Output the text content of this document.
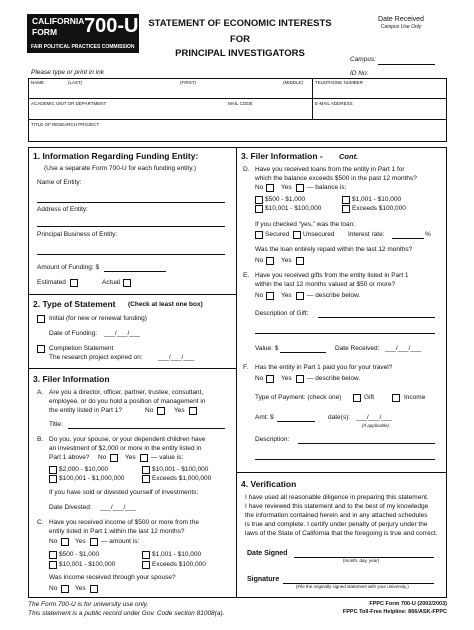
CALIFORNIA
FORM 700-U
FAIR POLITICAL PRACTICES COMMISSION
STATEMENT OF ECONOMIC INTERESTS
FOR
PRINCIPAL INVESTIGATORS
Date Received
Campus Use Only
Campus:
ID No:
Please type or print in ink
NAME	(LAST)	(FIRST)	(MIDDLE)	TELEPHONE NUMBER
ACADEMIC UNIT OR DEPARTMENT	MAIL CODE	E-MAIL ADDRESS
TITLE OF RESEARCH PROJECT
1. Information Regarding Funding Entity:
(Use a separate Form 700-U for each funding entity.)
Name of Entity:
Address of Entity:
Principal Business of Entity:
Amount of Funding: $
Estimated	Actual
2. Type of Statement (Check at least one box)
Initial (for new or renewal funding)
Date of Funding: ___/___/___
Completion Statement
The research project expired on: ___/___/___
3. Filer Information
A. Are you a director, officer, partner, trustee, consultant,
employee, or do you hold a position of management in
the entity listed in Part 1?	No	Yes
Title:
B. Do you, your spouse, or your dependent children have
an investment of $2,000 or more in the entity listed in
Part 1 above? No	Yes — value is:
$2,000 - $10,000	$10,001 - $100,000
$100,001 - $1,000,000	Exceeds $1,000,000
If you have sold or divested yourself of investments:
Date Divested: ___/___/___
C. Have you received income of $500 or more from the
entity listed in Part 1 within the last 12 months?
No	Yes — amount is:
$500 - $1,000	$1,001 - $10,000
$10,001 - $100,000	Exceeds $100,000
Was income received through your spouse?
No	Yes
3. Filer Information - Cont.
D. Have you received loans from the entity in Part 1 for
which the balance exceeds $500 in the past 12 months?
No	Yes — balance is:
$500 - $1,000	$1,001 - $10,000
$10,001 - $100,000	Exceeds $100,000
If you checked “yes,” was the loan:
Secured Unsecured Interest rate:	%
Was the loan entirely repaid within the last 12 months?
No	Yes
E. Have you received gifts from the entity listed in Part 1
within the last 12 months valued at $50 or more?
No	Yes — describe below.
Description of Gift:
Value: $	Date Received: ___/___/___
F. Has the entity in Part 1 paid you for your travel?
No	Yes — describe below.
Type of Payment: (check one)	Gift	Income
Amt: $	date(s): ___/___/___
(If applicable)
Description:
4. Verification
I have used all reasonable diligence in preparing this statement.
I have reviewed this statement and to the best of my knowledge
the information contained herein and in any attached schedules
is true and complete. I certify under penalty of perjury under the
laws of the State of California that the foregoing is true and correct.
Date Signed
(month, day, year)
Signature
(File the originally signed statement with your university.)
The Form 700-U is for university use only.
This statement is a public record under Gov. Code section 81008(a).
FPPC Form 700-U (2002/2003)
FPPC Toll-Free Helpline: 866/ASK-FPPC
